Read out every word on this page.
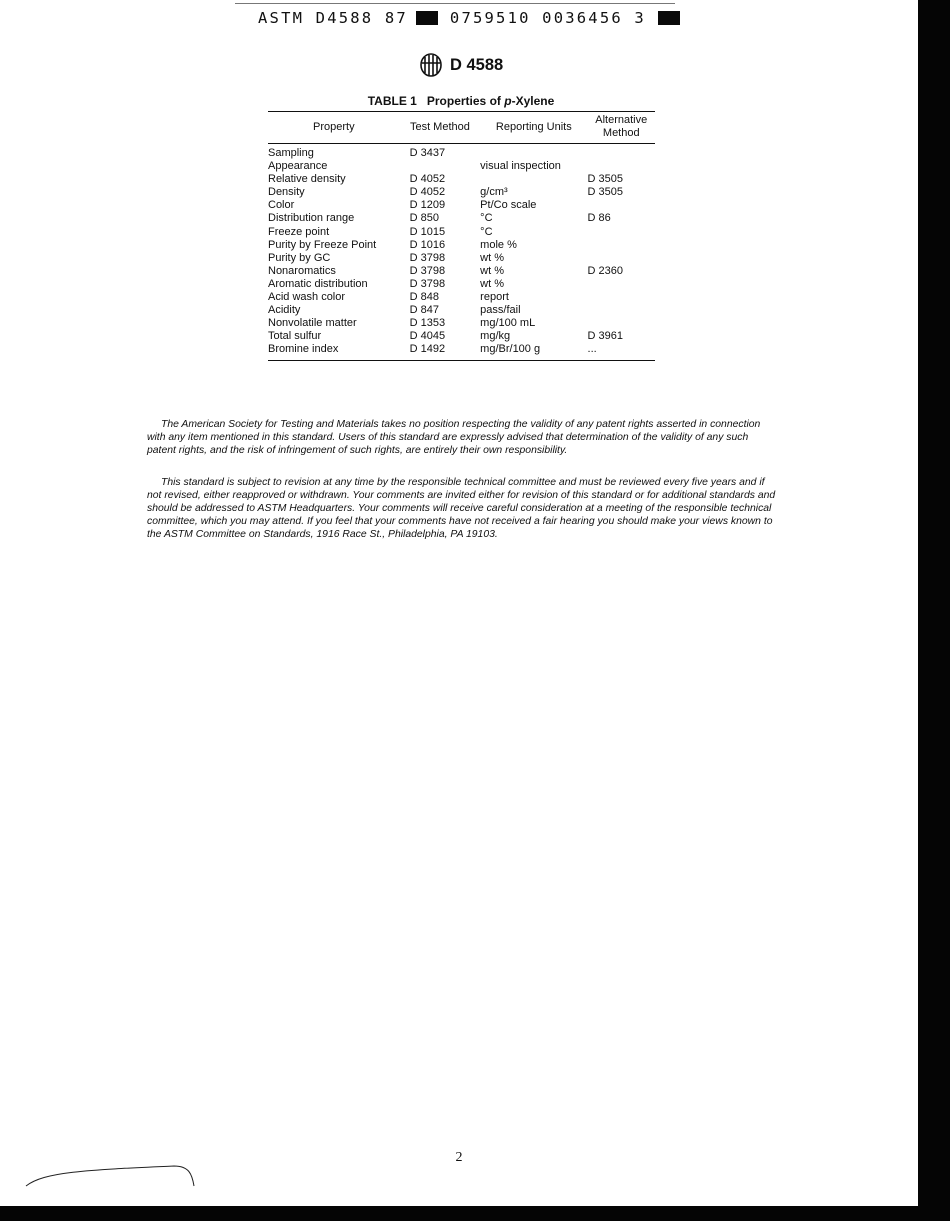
ASTM D4588 87	0759510 0036456 3
D 4588
TABLE 1 Properties of p-Xylene
Property	Test Method	Reporting Units	Alternative Method
Sampling	D 3437		
Appearance		visual inspection	
Relative density	D 4052		D 3505
Density	D 4052	g/cm³	D 3505
Color	D 1209	Pt/Co scale	
Distribution range	D 850	°C	D 86
Freeze point	D 1015	°C	
Purity by Freeze Point	D 1016	mole %	
Purity by GC	D 3798	wt %	
Nonaromatics	D 3798	wt %	D 2360
Aromatic distribution	D 3798	wt %	
Acid wash color	D 848	report	
Acidity	D 847	pass/fail	
Nonvolatile matter	D 1353	mg/100 mL	
Total sulfur	D 4045	mg/kg	D 3961
Bromine index	D 1492	mg/Br/100 g	...

The American Society for Testing and Materials takes no position respecting the validity of any patent rights asserted in connection with any item mentioned in this standard. Users of this standard are expressly advised that determination of the validity of any such patent rights, and the risk of infringement of such rights, are entirely their own responsibility.

This standard is subject to revision at any time by the responsible technical committee and must be reviewed every five years and if not revised, either reapproved or withdrawn. Your comments are invited either for revision of this standard or for additional standards and should be addressed to ASTM Headquarters. Your comments will receive careful consideration at a meeting of the responsible technical committee, which you may attend. If you feel that your comments have not received a fair hearing you should make your views known to the ASTM Committee on Standards, 1916 Race St., Philadelphia, PA 19103.

2
